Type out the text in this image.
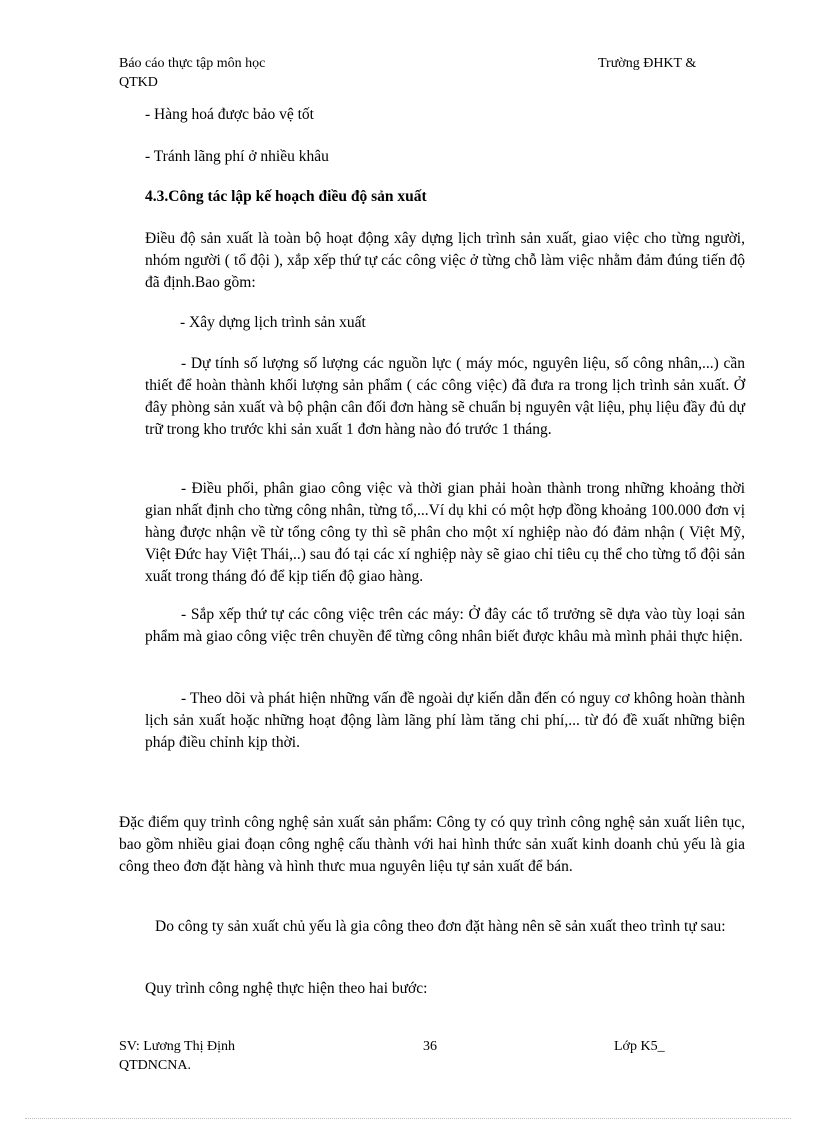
Báo cáo thực tập môn học	Trường ĐHKT &
QTKD
- Hàng hoá được bảo vệ tốt
- Tránh lãng phí ở nhiều khâu
4.3.Công tác lập kế hoạch điều độ sản xuất
Điều độ sản xuất là toàn bộ hoạt động xây dựng lịch trình sản xuất, giao việc cho từng người, nhóm người ( tổ đội ), xắp xếp thứ tự các công việc ở từng chỗ làm việc nhằm đảm đúng tiến độ đã định.Bao gồm:
- Xây dựng lịch trình sản xuất
- Dự tính số lượng số lượng các nguồn lực ( máy móc, nguyên liệu, số công nhân,...) cần thiết để hoàn thành khối lượng sản phẩm ( các công việc) đã đưa ra trong lịch trình sản xuất. Ở đây phòng sản xuất và bộ phận cân đối đơn hàng sẽ chuẩn bị nguyên vật liệu, phụ liệu đầy đủ dự trữ trong kho trước khi sản xuất 1 đơn hàng nào đó trước 1 tháng.
- Điều phối, phân giao công việc và thời gian phải hoàn thành trong những khoảng thời gian nhất định cho từng công nhân, từng tổ,...Ví dụ khi có một hợp đồng khoảng 100.000 đơn vị hàng được nhận về từ tổng công ty thì sẽ phân cho một xí nghiệp nào đó đảm nhận ( Việt Mỹ, Việt Đức hay Việt Thái,..) sau đó tại các xí nghiệp này sẽ giao chỉ tiêu cụ thể cho từng tổ đội sản xuất trong tháng đó để kịp tiến độ giao hàng.
- Sắp xếp thứ tự các công việc trên các máy: Ở đây các tổ trưởng sẽ dựa vào tùy loại sản phẩm mà giao công việc trên chuyền để từng công nhân biết được khâu mà mình phải thực hiện.
- Theo dõi và phát hiện những vấn đề ngoài dự kiến dẫn đến có nguy cơ không hoàn thành lịch sản xuất hoặc những hoạt động làm lãng phí làm tăng chi phí,... từ đó đề xuất những biện pháp điều chỉnh kịp thời.
Đặc điểm quy trình công nghệ sản xuất sản phẩm: Công ty có quy trình công nghệ sản xuất liên tục, bao gồm nhiều giai đoạn công nghệ cấu thành với hai hình thức sản xuất kinh doanh chủ yếu là gia công theo đơn đặt hàng và hình thưc mua nguyên liệu tự sản xuất để bán.
Do công ty sản xuất chủ yếu là gia công theo đơn đặt hàng nên sẽ sản xuất theo trình tự sau:
Quy trình công nghệ thực hiện theo hai bước:
SV: Lương Thị Định	36	Lớp K5_
QTDNCNA.
